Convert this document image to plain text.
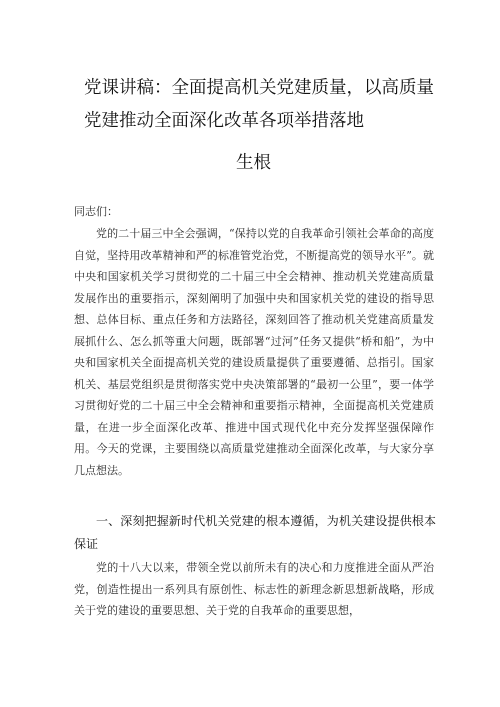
党课讲稿：全面提高机关党建质量，以高质量
党建推动全面深化改革各项举措落地
生根
同志们：
党的二十届三中全会强调，“保持以党的自我革命引领社会革命的高度自觉，坚持用改革精神和严的标准管党治党，不断提高党的领导水平”。就中央和国家机关学习贯彻党的二十届三中全会精神、推动机关党建高质量发展作出的重要指示，深刻阐明了加强中央和国家机关党的建设的指导思想、总体目标、重点任务和方法路径，深刻回答了推动机关党建高质量发展抓什么、怎么抓等重大问题，既部署“过河”任务又提供“桥和船”，为中央和国家机关全面提高机关党的建设质量提供了重要遵循、总指引。国家机关、基层党组织是贯彻落实党中央决策部署的“最初一公里”，要一体学习贯彻好党的二十届三中全会精神和重要指示精神，全面提高机关党建质量，在进一步全面深化改革、推进中国式现代化中充分发挥坚强保障作用。今天的党课，主要围绕以高质量党建推动全面深化改革，与大家分享几点想法。
一、深刻把握新时代机关党建的根本遵循，为机关建设提供根本保证
党的十八大以来，带领全党以前所未有的决心和力度推进全面从严治党，创造性提出一系列具有原创性、标志性的新理念新思想新战略，形成关于党的建设的重要思想、关于党的自我革命的重要思想，
